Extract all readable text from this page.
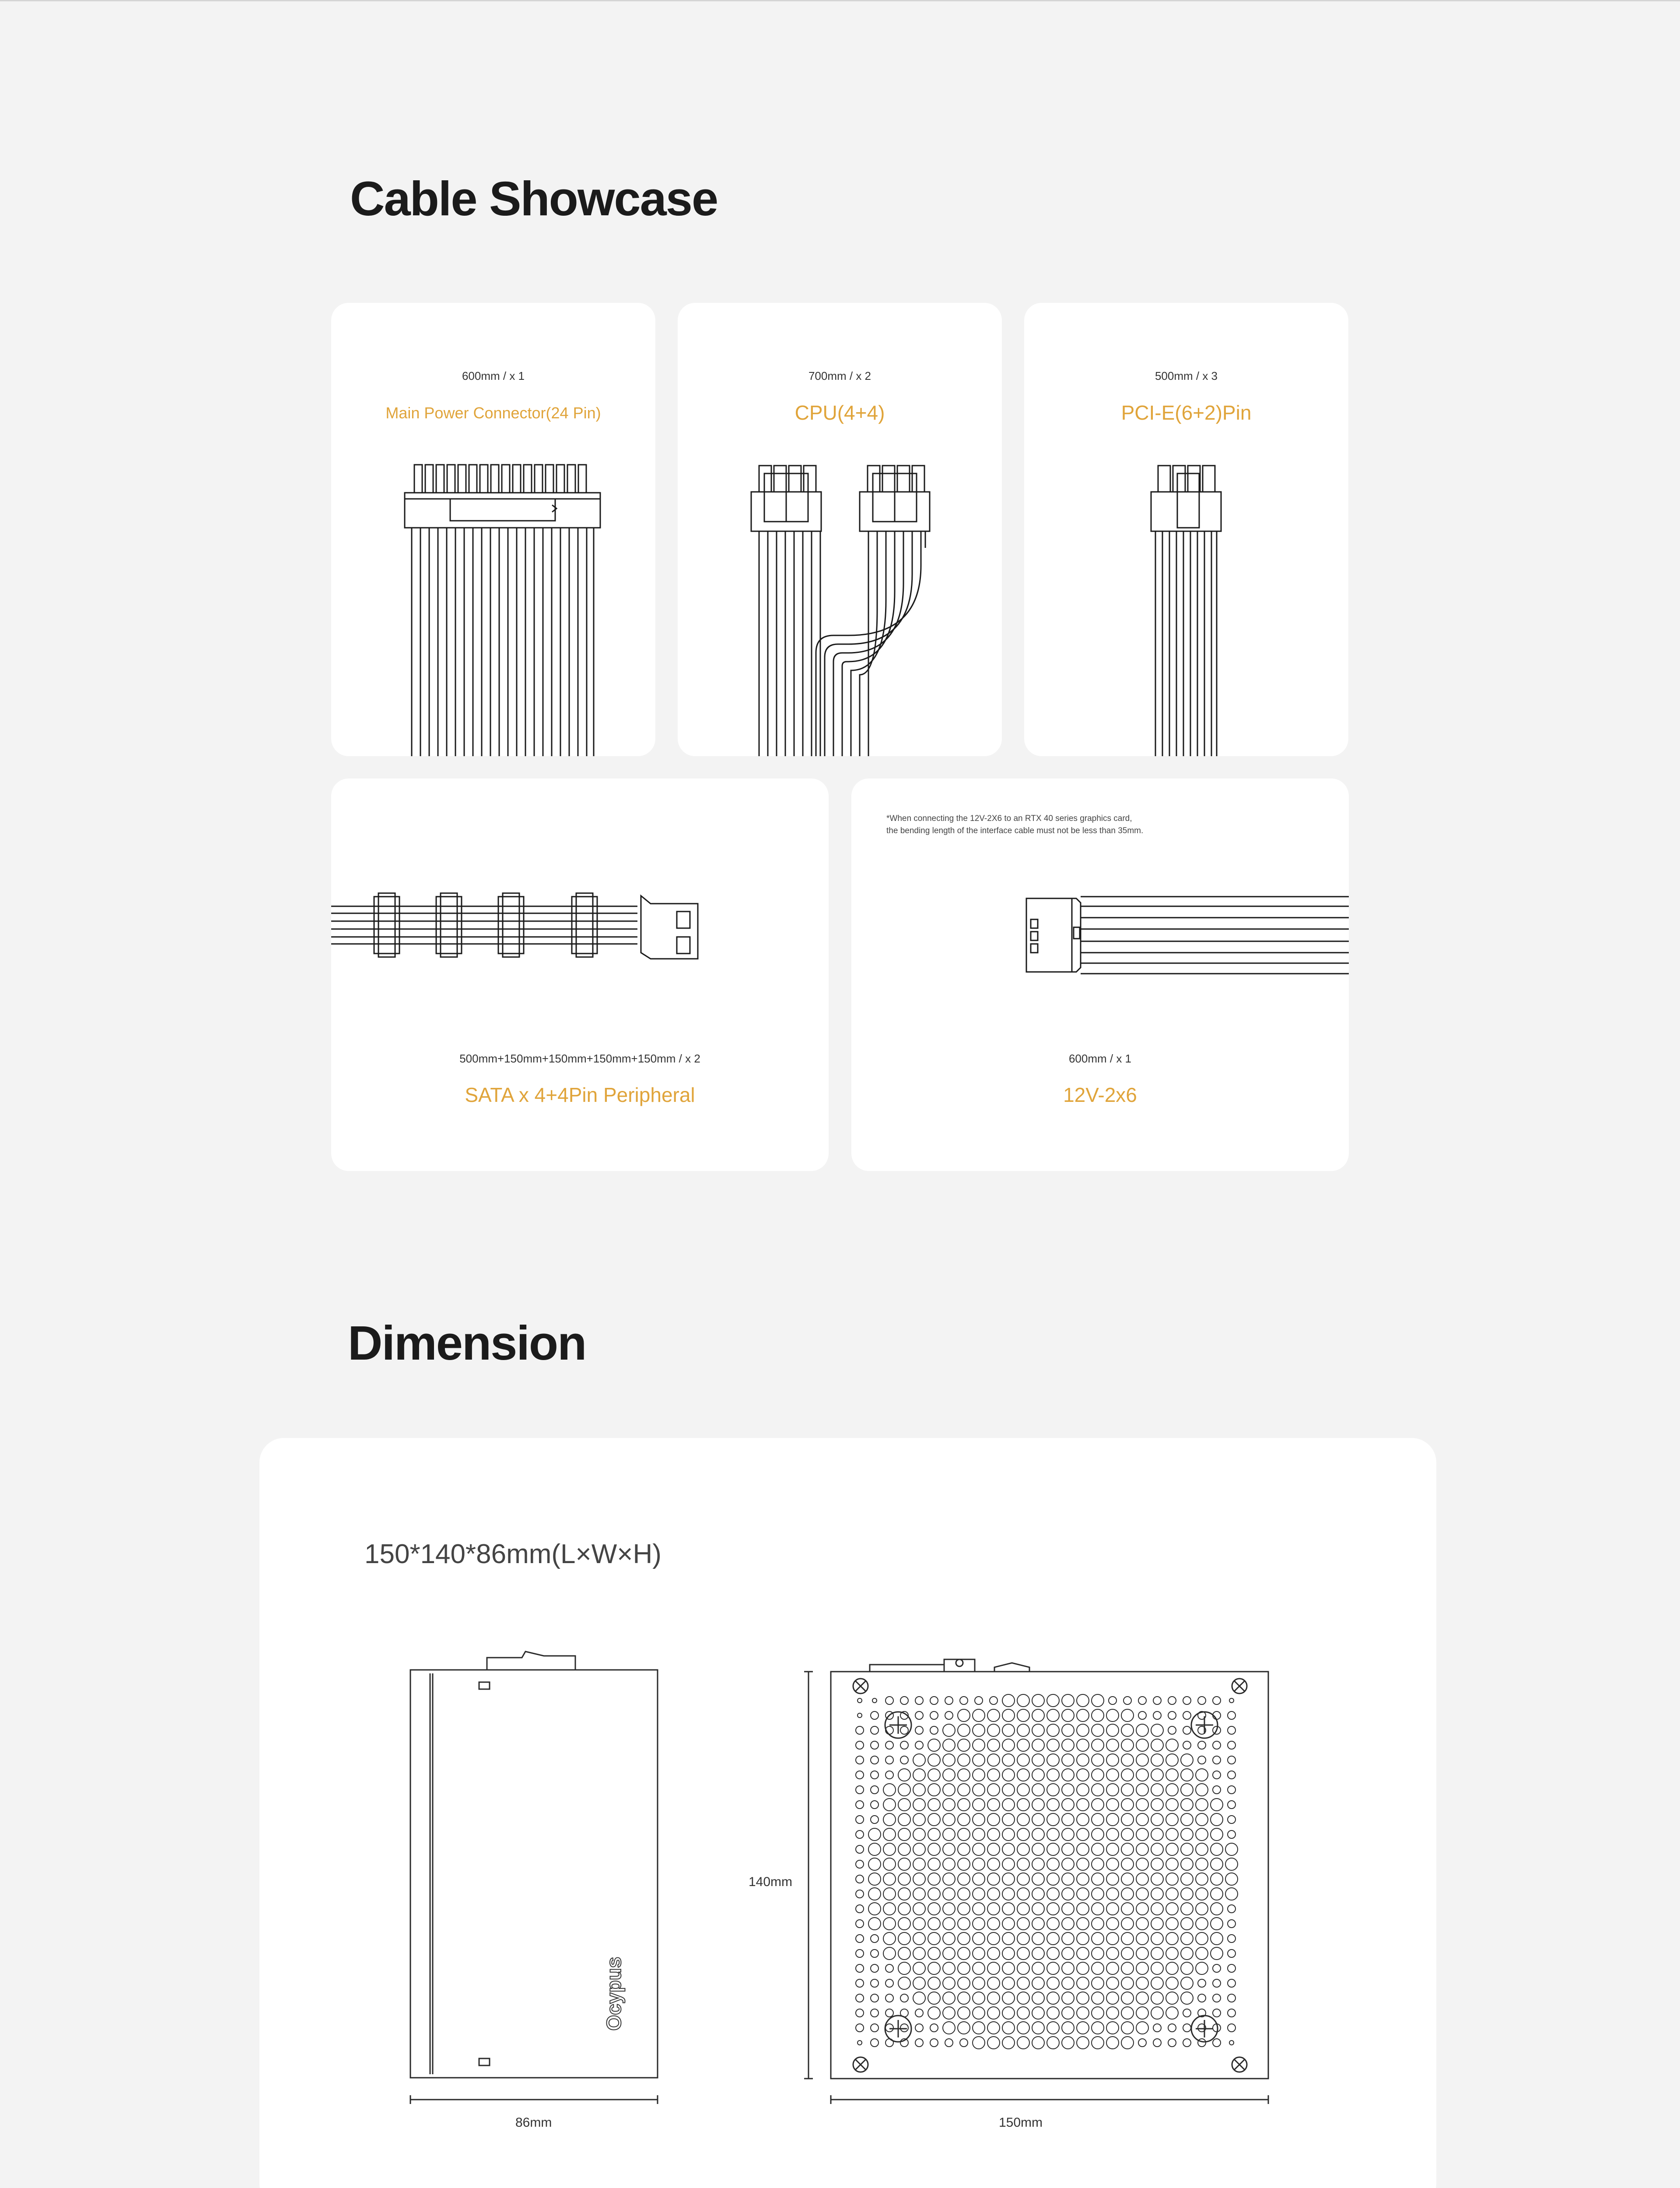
Cable Showcase
600mm / x 1
Main Power Connector(24 Pin)
700mm / x 2
CPU(4+4)
500mm / x 3
PCI-E(6+2)Pin
500mm+150mm+150mm+150mm+150mm / x 2
SATA x 4+4Pin Peripheral
*When connecting the 12V-2X6 to an RTX 40 series graphics card,
the bending length of the interface cable must not be less than 35mm.
600mm / x 1
12V-2x6
Dimension

150*140*86mm(L×W×H)

Ocypus
86mm
140mm
150mm
